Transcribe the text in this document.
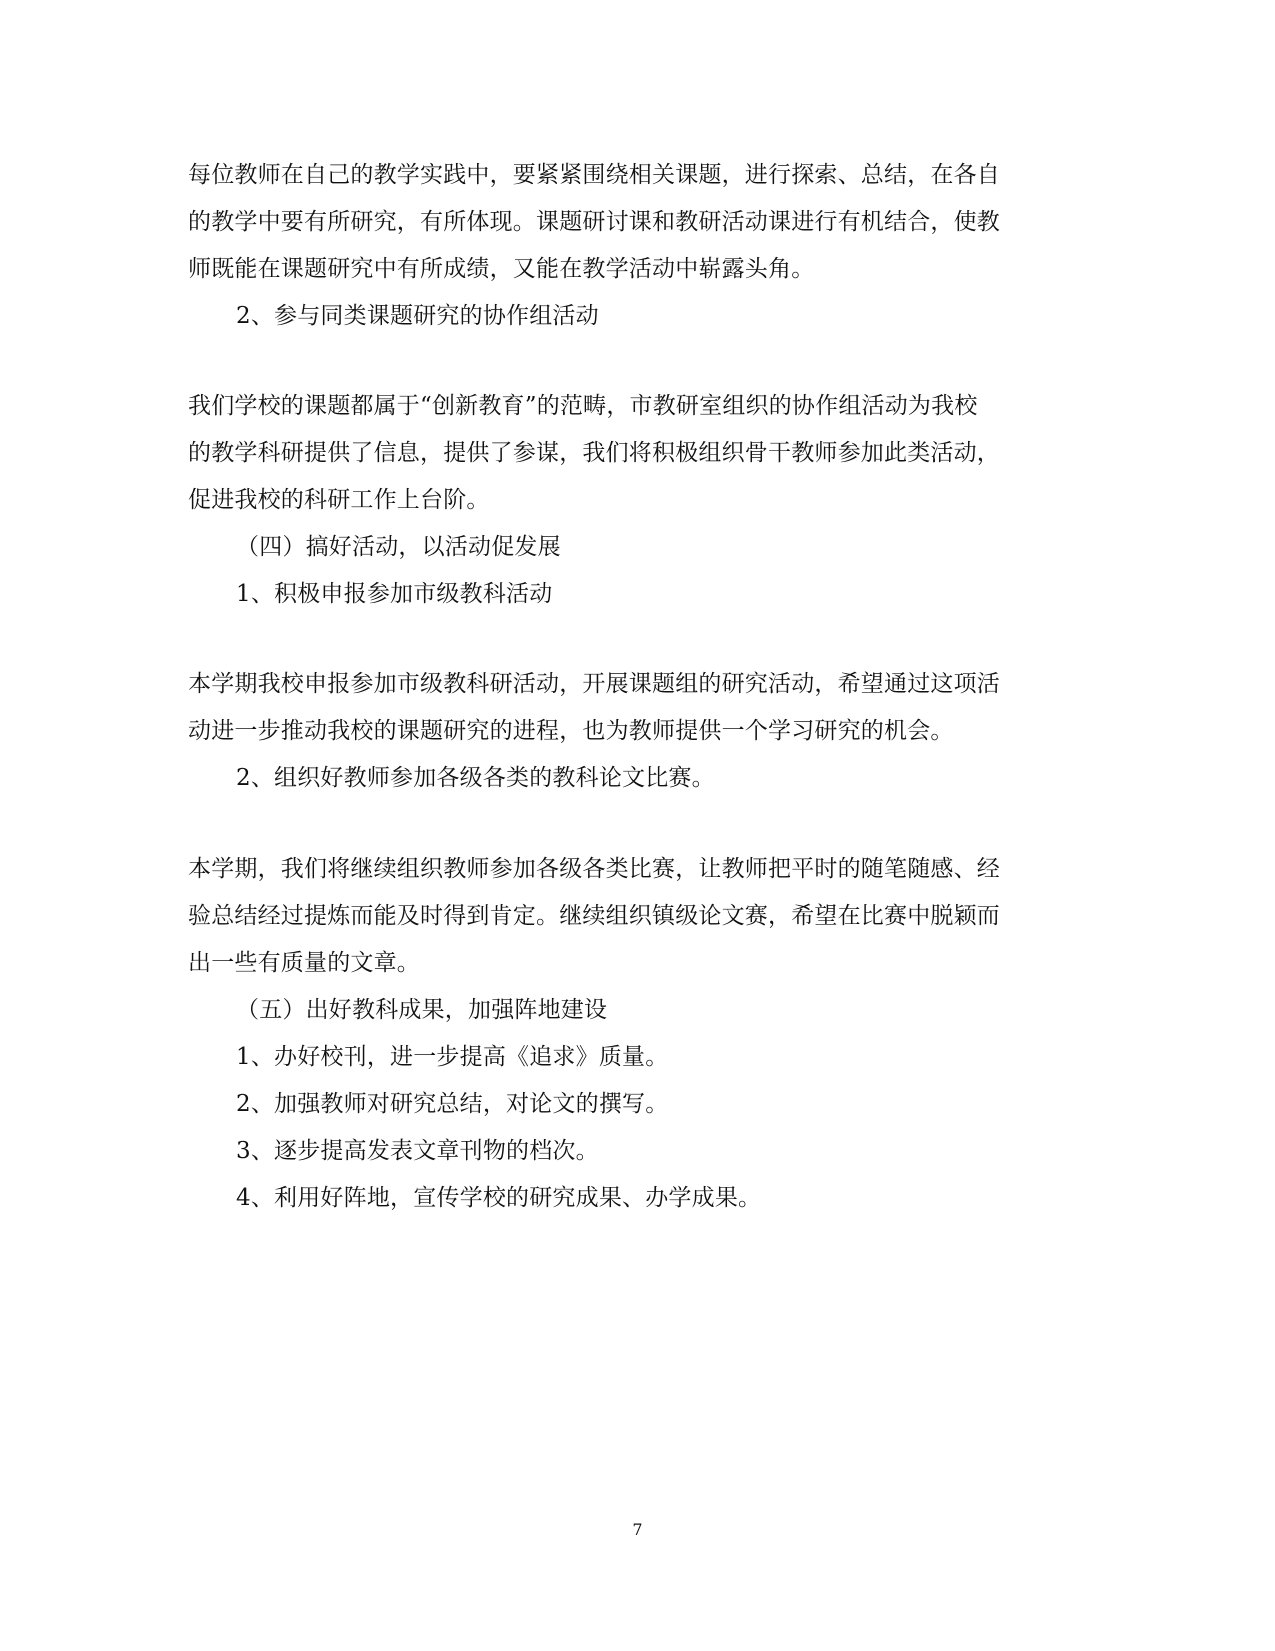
每位教师在自己的教学实践中，要紧紧围绕相关课题，进行探索、总结，在各自
的教学中要有所研究，有所体现。课题研讨课和教研活动课进行有机结合，使教
师既能在课题研究中有所成绩，又能在教学活动中崭露头角。
2、参与同类课题研究的协作组活动
我们学校的课题都属于“创新教育”的范畴，市教研室组织的协作组活动为我校
的教学科研提供了信息，提供了参谋，我们将积极组织骨干教师参加此类活动，
促进我校的科研工作上台阶。
（四）搞好活动，以活动促发展
1、积极申报参加市级教科活动
本学期我校申报参加市级教科研活动，开展课题组的研究活动，希望通过这项活
动进一步推动我校的课题研究的进程，也为教师提供一个学习研究的机会。
2、组织好教师参加各级各类的教科论文比赛。
本学期，我们将继续组织教师参加各级各类比赛，让教师把平时的随笔随感、经
验总结经过提炼而能及时得到肯定。继续组织镇级论文赛，希望在比赛中脱颖而
出一些有质量的文章。
（五）出好教科成果，加强阵地建设
1、办好校刊，进一步提高《追求》质量。
2、加强教师对研究总结，对论文的撰写。
3、逐步提高发表文章刊物的档次。
4、利用好阵地，宣传学校的研究成果、办学成果。
7
